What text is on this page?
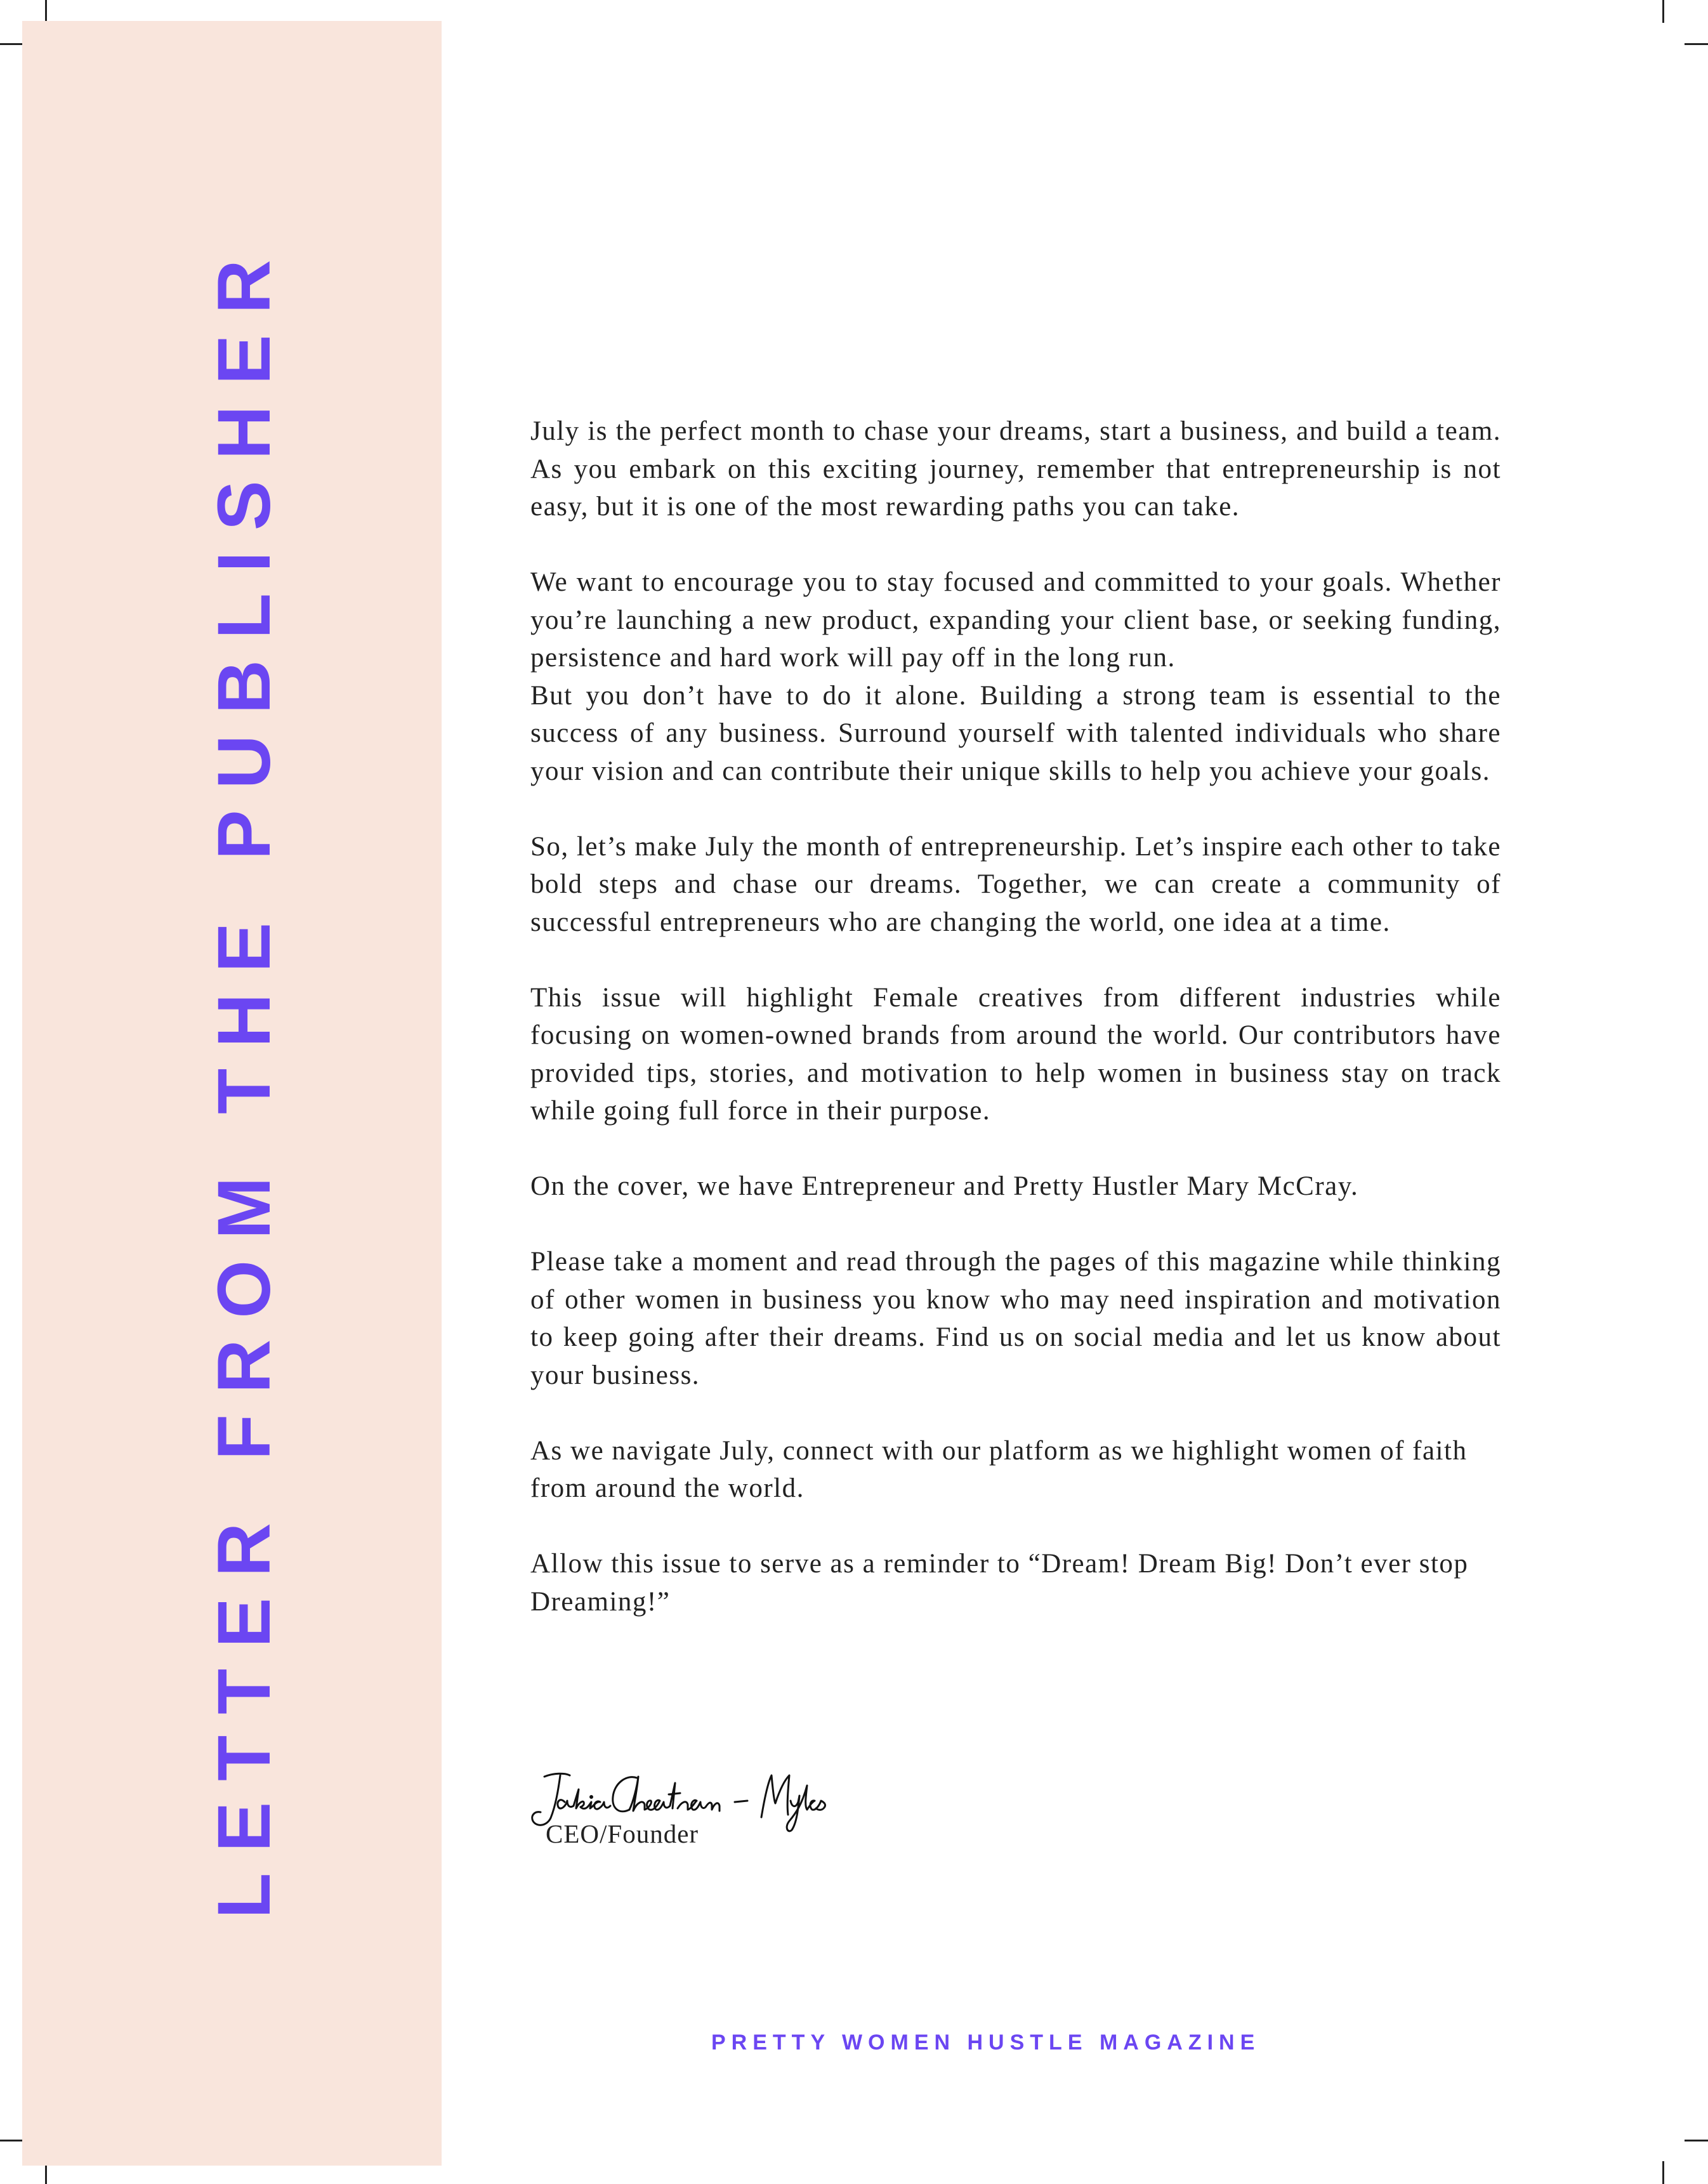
LETTER FROM THE PUBLISHER	July is the perfect month to chase your dreams, start a business, and build a team. As you embark on this exciting journey, remember that entrepreneurship is not easy, but it is one of the most rewarding paths you can take.

We want to encourage you to stay focused and committed to your goals. Whether you’re launching a new product, expanding your client base, or seeking funding, persistence and hard work will pay off in the long run.

But you don’t have to do it alone. Building a strong team is essential to the success of any business. Surround yourself with talented individuals who share your vision and can contribute their unique skills to help you achieve your goals.

So, let’s make July the month of entrepreneurship. Let’s inspire each other to take bold steps and chase our dreams. Together, we can create a community of successful entrepreneurs who are changing the world, one idea at a time.

This issue will highlight Female creatives from different industries while focusing on women-owned brands from around the world. Our contributors have provided tips, stories, and motivation to help women in business stay on track while going full force in their purpose.

On the cover, we have Entrepreneur and Pretty Hustler Mary McCray.

Please take a moment and read through the pages of this magazine while thinking of other women in business you know who may need inspiration and motivation to keep going after their dreams. Find us on social media and let us know about your business.

As we navigate July, connect with our platform as we highlight women of faith from around the world.

Allow this issue to serve as a reminder to “Dream! Dream Big! Don’t ever stop Dreaming!”

CEO/Founder
PRETTY WOMEN HUSTLE MAGAZINE
